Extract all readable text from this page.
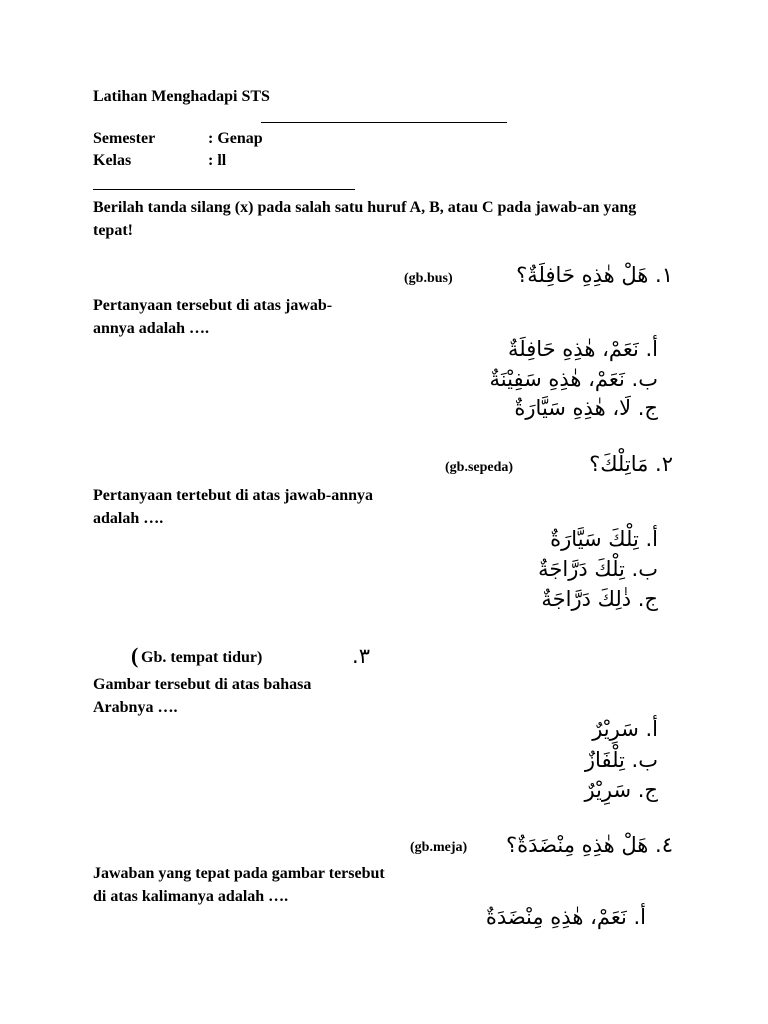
Latihan Menghadapi STS
Semester	: Genap
Kelas	: ll
Berilah tanda silang (x) pada salah satu huruf A, B, atau C pada jawab-an yang tepat!
(gb.bus)	١. هَلْ هٰذِهِ حَافِلَةٌ؟
Pertanyaan tersebut di atas jawab-annya adalah ….
أ. نَعَمْ، هٰذِهِ حَافِلَةٌ
ب. نَعَمْ، هٰذِهِ سَفِيْنَةٌ
ج. لَا، هٰذِهِ سَيَّارَةٌ
(gb.sepeda)	٢. مَاتِلْكَ؟
Pertanyaan tertebut di atas jawab-annya adalah ….
أ. تِلْكَ سَيَّارَةٌ
ب. تِلْكَ دَرَّاجَةٌ
ج. ذٰلِكَ دَرَّاجَةٌ
( Gb. tempat tidur)	.٣
Gambar tersebut di atas bahasa Arabnya ….
أ. سَرِيْرٌ
ب. تِلْفَازٌ
ج. سَرِيْرٌ
(gb.meja) ٤. هَلْ هٰذِهِ مِنْضَدَةٌ؟
Jawaban yang tepat pada gambar tersebut di atas kalimanya adalah ….
أ. نَعَمْ، هٰذِهِ مِنْضَدَةٌ
